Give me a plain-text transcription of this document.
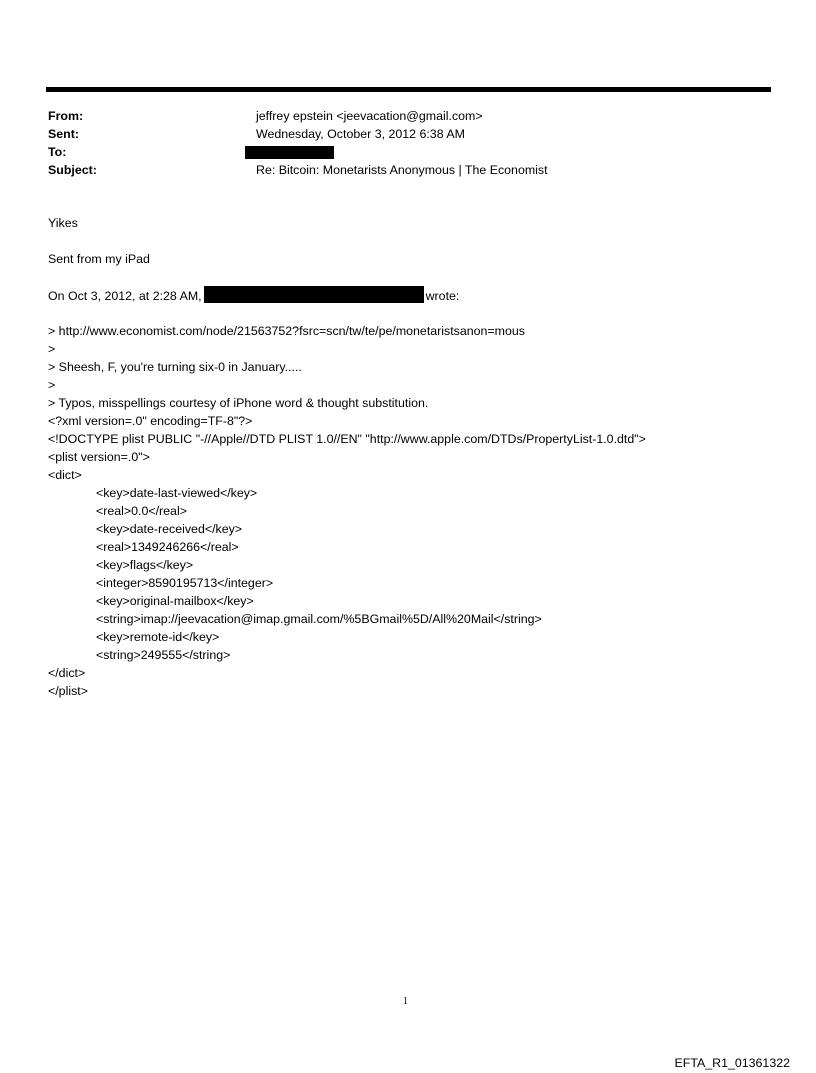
From:	jeffrey epstein <jeevacation@gmail.com>
Sent:	Wednesday, October 3, 2012 6:38 AM
To:
Subject:	Re: Bitcoin: Monetarists Anonymous | The Economist
Yikes
Sent from my iPad
On Oct 3, 2012, at 2:28 AM,	wrote:
> http://www.economist.com/node/21563752?fsrc=scn/tw/te/pe/monetaristsanon=mous
>
> Sheesh, F, you're turning six-0 in January.....
>
> Typos, misspellings courtesy of iPhone word & thought substitution.
<?xml version=.0" encoding=TF-8"?>
<!DOCTYPE plist PUBLIC "-//Apple//DTD PLIST 1.0//EN" "http://www.apple.com/DTDs/PropertyList-1.0.dtd">
<plist version=.0">
<dict>
<key>date-last-viewed</key>
<real>0.0</real>
<key>date-received</key>
<real>1349246266</real>
<key>flags</key>
<integer>8590195713</integer>
<key>original-mailbox</key>
<string>imap://jeevacation@imap.gmail.com/%5BGmail%5D/All%20Mail</string>
<key>remote-id</key>
<string>249555</string>
</dict>
</plist>
1
EFTA_R1_01361322
